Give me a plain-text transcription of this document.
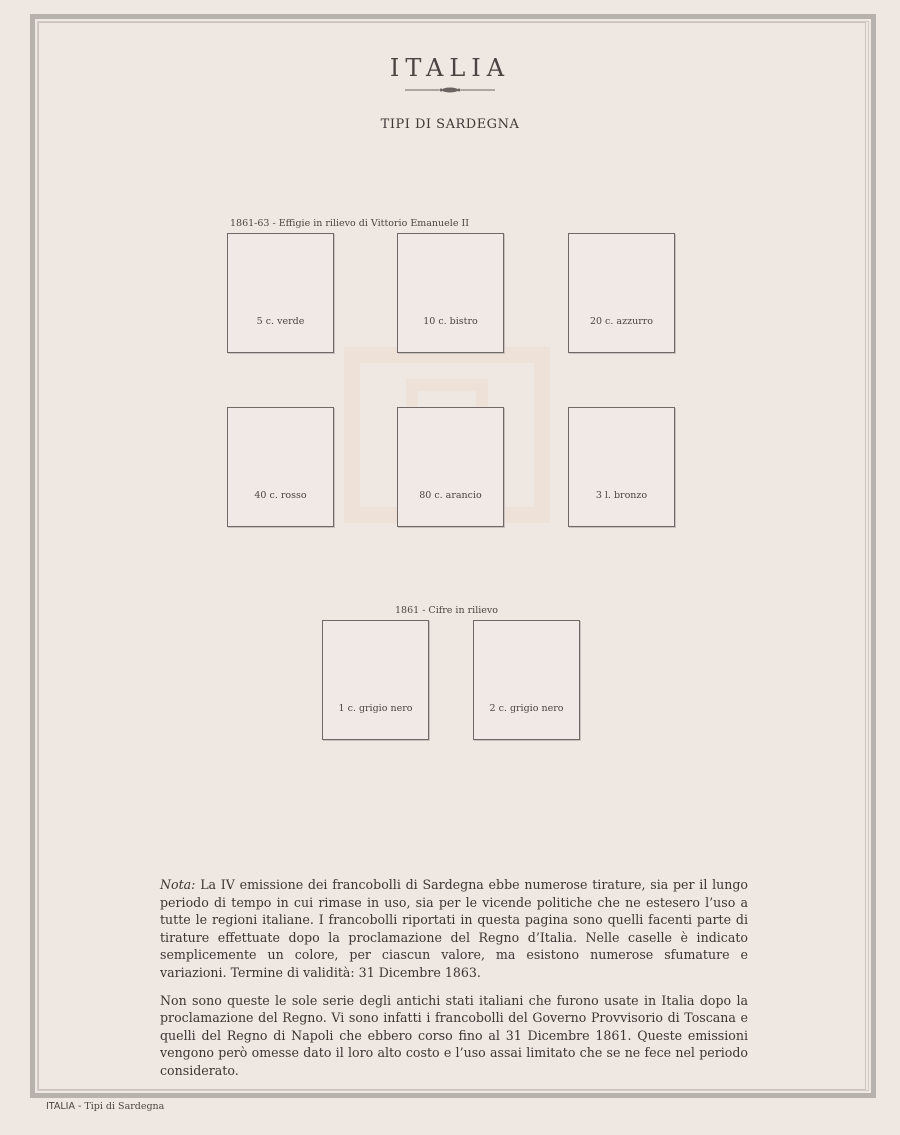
ITALIA
TIPI DI SARDEGNA
1861-63 - Effigie in rilievo di Vittorio Emanuele II
5 c. verde	10 c. bistro	20 c. azzurro
40 c. rosso	80 c. arancio	3 l. bronzo
1861 - Cifre in rilievo
1 c. grigio nero	2 c. grigio nero

Nota: La IV emissione dei francobolli di Sardegna ebbe numerose tirature, sia per il lungo periodo di tempo in cui rimase in uso, sia per le vicende politiche che ne estesero l’uso a tutte le regioni italiane. I francobolli riportati in questa pagina sono quelli facenti parte di tirature effettuate dopo la proclamazione del Regno d’Italia. Nelle caselle è indicato semplicemente un colore, per ciascun valore, ma esistono numerose sfumature e variazioni. Termine di validità: 31 Dicembre 1863.

Non sono queste le sole serie degli antichi stati italiani che furono usate in Italia dopo la proclamazione del Regno. Vi sono infatti i francobolli del Governo Provvisorio di Toscana e quelli del Regno di Napoli che ebbero corso fino al 31 Dicembre 1861. Queste emissioni vengono però omesse dato il loro alto costo e l’uso assai limitato che se ne fece nel periodo considerato.

ITALIA - Tipi di Sardegna
